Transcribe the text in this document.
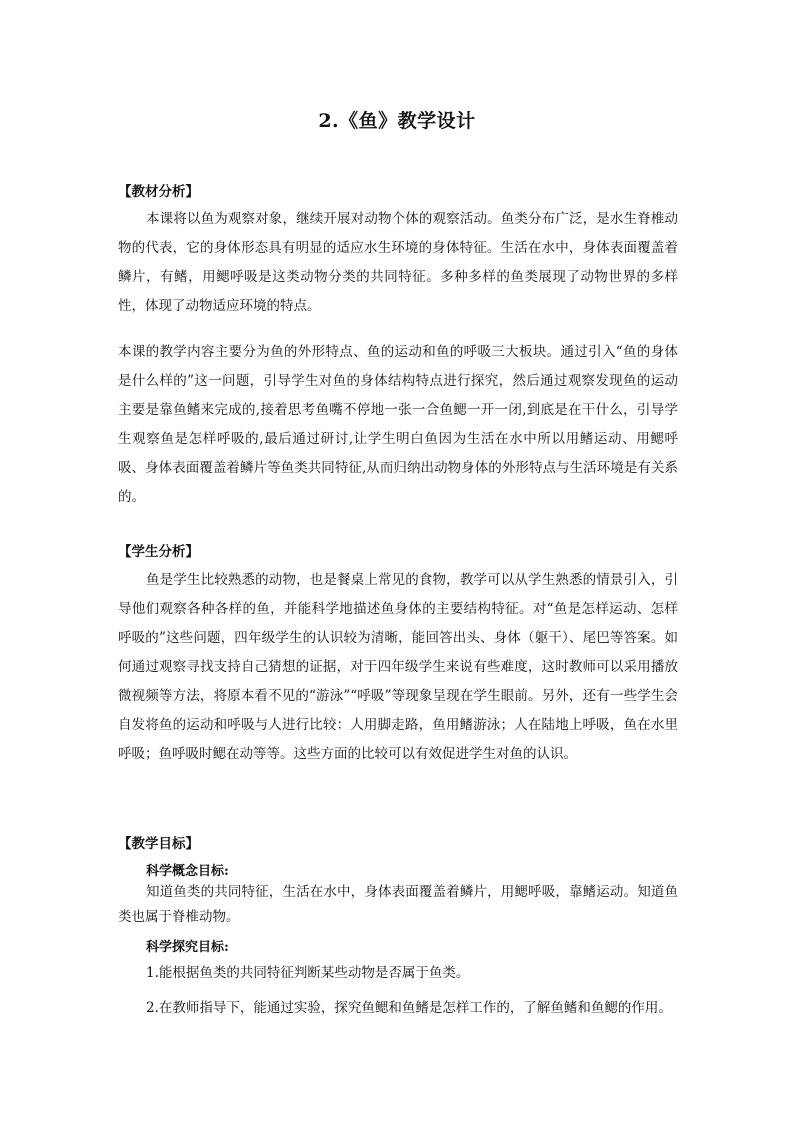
2.《鱼》教学设计
【教材分析】

本课将以鱼为观察对象，继续开展对动物个体的观察活动。鱼类分布广泛，是水生脊椎动物的代表，它的身体形态具有明显的适应水生环境的身体特征。生活在水中，身体表面覆盖着鳞片，有鳍，用鳃呼吸是这类动物分类的共同特征。多种多样的鱼类展现了动物世界的多样性，体现了动物适应环境的特点。

本课的教学内容主要分为鱼的外形特点、鱼的运动和鱼的呼吸三大板块。通过引入“鱼的身体是什么样的”这一问题，引导学生对鱼的身体结构特点进行探究，然后通过观察发现鱼的运动主要是靠鱼鳍来完成的,接着思考鱼嘴不停地一张一合鱼鳃一开一闭,到底是在干什么，引导学生观察鱼是怎样呼吸的,最后通过研讨,让学生明白鱼因为生活在水中所以用鳍运动、用鳃呼吸、身体表面覆盖着鳞片等鱼类共同特征,从而归纳出动物身体的外形特点与生活环境是有关系的。

【学生分析】

鱼是学生比较熟悉的动物，也是餐桌上常见的食物，教学可以从学生熟悉的情景引入，引导他们观察各种各样的鱼，并能科学地描述鱼身体的主要结构特征。对“鱼是怎样运动、怎样呼吸的”这些问题，四年级学生的认识较为清晰，能回答出头、身体（躯干）、尾巴等答案。如何通过观察寻找支持自己猜想的证据，对于四年级学生来说有些难度，这时教师可以采用播放微视频等方法，将原本看不见的“游泳”“呼吸”等现象呈现在学生眼前。另外，还有一些学生会自发将鱼的运动和呼吸与人进行比较：人用脚走路，鱼用鳍游泳；人在陆地上呼吸，鱼在水里呼吸；鱼呼吸时鳃在动等等。这些方面的比较可以有效促进学生对鱼的认识。

【教学目标】
科学概念目标:

知道鱼类的共同特征，生活在水中，身体表面覆盖着鳞片，用鳃呼吸，靠鳍运动。知道鱼类也属于脊椎动物。

科学探究目标:
1.能根据鱼类的共同特征判断某些动物是否属于鱼类。
2.在教师指导下，能通过实验，探究鱼鳃和鱼鳍是怎样工作的，了解鱼鳍和鱼鳃的作用。
